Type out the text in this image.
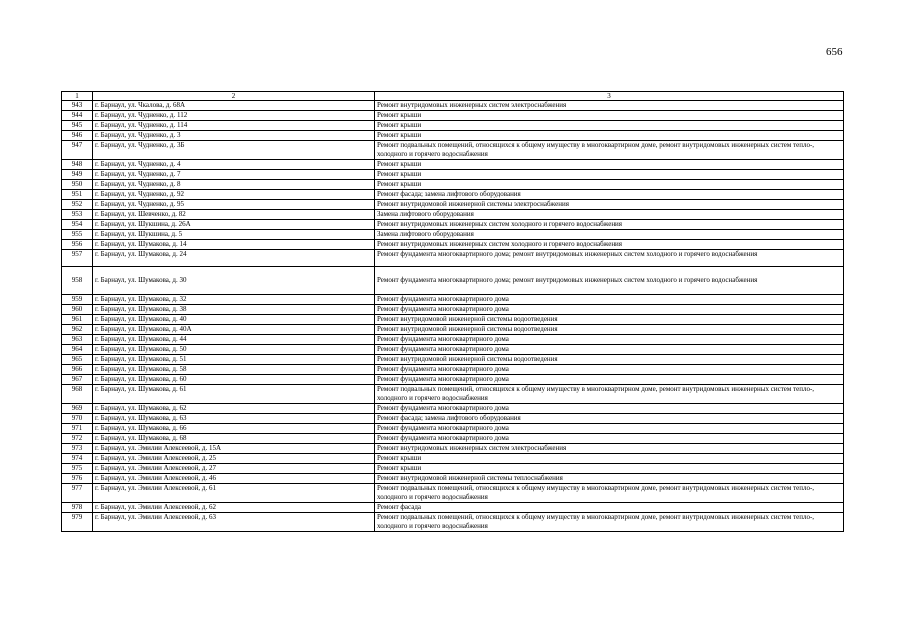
656
1	2	3
943	г. Барнаул, ул. Чкалова, д. 68А	Ремонт внутридомовых инженерных систем электроснабжения
944	г. Барнаул, ул. Чудненко, д. 112	Ремонт крыши
945	г. Барнаул, ул. Чудненко, д. 114	Ремонт крыши
946	г. Барнаул, ул. Чудненко, д. 3	Ремонт крыши
947	г. Барнаул, ул. Чудненко, д. 3Б	Ремонт подвальных помещений, относящихся к общему имуществу в многоквартирном доме, ремонт внутридомовых инженерных систем тепло-, холодного и горячего водоснабжения
948	г. Барнаул, ул. Чудненко, д. 4	Ремонт крыши
949	г. Барнаул, ул. Чудненко, д. 7	Ремонт крыши
950	г. Барнаул, ул. Чудненко, д. 8	Ремонт крыши
951	г. Барнаул, ул. Чудненко, д. 92	Ремонт фасада; замена лифтового оборудования
952	г. Барнаул, ул. Чудненко, д. 95	Ремонт внутридомовой инженерной системы электроснабжения
953	г. Барнаул, ул. Шевченко, д. 82	Замена лифтового оборудования
954	г. Барнаул, ул. Шукшина, д. 26А	Ремонт внутридомовых инженерных систем холодного и горячего водоснабжения
955	г. Барнаул, ул. Шукшина, д. 5	Замена лифтового оборудования
956	г. Барнаул, ул. Шумакова, д. 14	Ремонт внутридомовых инженерных систем холодного и горячего водоснабжения
957	г. Барнаул, ул. Шумакова, д. 24	Ремонт фундамента многоквартирного дома; ремонт внутридомовых инженерных систем холодного и горячего водоснабжения
958	г. Барнаул, ул. Шумакова, д. 30	Ремонт фундамента многоквартирного дома; ремонт внутридомовых инженерных систем холодного и горячего водоснабжения
959	г. Барнаул, ул. Шумакова, д. 32	Ремонт фундамента многоквартирного дома
960	г. Барнаул, ул. Шумакова, д. 38	Ремонт фундамента многоквартирного дома
961	г. Барнаул, ул. Шумакова, д. 40	Ремонт внутридомовой инженерной системы водоотведения
962	г. Барнаул, ул. Шумакова, д. 40А	Ремонт внутридомовой инженерной системы водоотведения
963	г. Барнаул, ул. Шумакова, д. 44	Ремонт фундамента многоквартирного дома
964	г. Барнаул, ул. Шумакова, д. 50	Ремонт фундамента многоквартирного дома
965	г. Барнаул, ул. Шумакова, д. 51	Ремонт внутридомовой инженерной системы водоотведения
966	г. Барнаул, ул. Шумакова, д. 58	Ремонт фундамента многоквартирного дома
967	г. Барнаул, ул. Шумакова, д. 60	Ремонт фундамента многоквартирного дома
968	г. Барнаул, ул. Шумакова, д. 61	Ремонт подвальных помещений, относящихся к общему имуществу в многоквартирном доме, ремонт внутридомовых инженерных систем тепло-, холодного и горячего водоснабжения
969	г. Барнаул, ул. Шумакова, д. 62	Ремонт фундамента многоквартирного дома
970	г. Барнаул, ул. Шумакова, д. 63	Ремонт фасада; замена лифтового оборудования
971	г. Барнаул, ул. Шумакова, д. 66	Ремонт фундамента многоквартирного дома
972	г. Барнаул, ул. Шумакова, д. 68	Ремонт фундамента многоквартирного дома
973	г. Барнаул, ул. Эмилии Алексеевой, д. 15А	Ремонт внутридомовых инженерных систем электроснабжения
974	г. Барнаул, ул. Эмилии Алексеевой, д. 25	Ремонт крыши
975	г. Барнаул, ул. Эмилии Алексеевой, д. 27	Ремонт крыши
976	г. Барнаул, ул. Эмилии Алексеевой, д. 46	Ремонт внутридомовой инженерной системы теплоснабжения
977	г. Барнаул, ул. Эмилии Алексеевой, д. 61	Ремонт подвальных помещений, относящихся к общему имуществу в многоквартирном доме, ремонт внутридомовых инженерных систем тепло-, холодного и горячего водоснабжения
978	г. Барнаул, ул. Эмилии Алексеевой, д. 62	Ремонт фасада
979	г. Барнаул, ул. Эмилии Алексеевой, д. 63	Ремонт подвальных помещений, относящихся к общему имуществу в многоквартирном доме, ремонт внутридомовых инженерных систем тепло-, холодного и горячего водоснабжения
